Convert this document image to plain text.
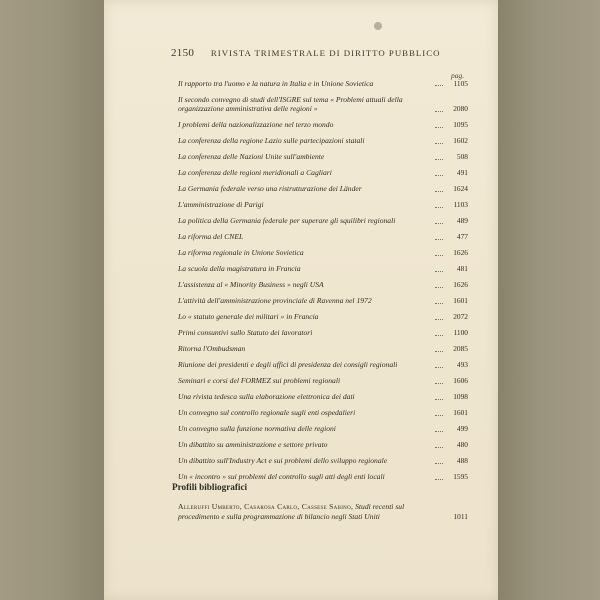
2150 RIVISTA TRIMESTRALE DI DIRITTO PUBBLICO
pag.
Il rapporto tra l'uomo e la natura in Italia e in Unione Sovietica	1105
Il secondo convegno di studi dell'ISGRE sul tema « Problemi attuali della organizzazione amministrativa delle regioni »	2080
I problemi della nazionalizzazione nel terzo mondo	1095
La conferenza della regione Lazio sulle partecipazioni statali	1602
La conferenza delle Nazioni Unite sull'ambiente	508
La conferenza delle regioni meridionali a Cagliari	491
La Germania federale verso una ristrutturazione dei Länder	1624
L'amministrazione di Parigi	1103
La politica della Germania federale per superare gli squilibri regionali	489
La riforma del CNEL	477
La riforma regionale in Unione Sovietica	1626
La scuola della magistratura in Francia	481
L'assistenza al « Minority Business » negli USA	1626
L'attività dell'amministrazione provinciale di Ravenna nel 1972	1601
Lo « statuto generale dei militari » in Francia	2072
Primi consuntivi sullo Statuto dei lavoratori	1100
Ritorna l'Ombudsman	2085
Riunione dei presidenti e degli uffici di presidenza dei consigli regionali	493
Seminari e corsi del FORMEZ sui problemi regionali	1606
Una rivista tedesca sulla elaborazione elettronica dei dati	1098
Un convegno sul controllo regionale sugli enti ospedalieri	1601
Un convegno sulla funzione normativa delle regioni	499
Un dibattito su amministrazione e settore privato	480
Un dibattito sull'Industry Act e sui problemi dello sviluppo regionale	488
Un « incontro » sui problemi del controllo sugli atti degli enti locali	1595
Profili bibliografici
Alleruffi Umberto, Casarosa Carlo, Cassese Sabino, Studi recenti sul procedimento e sulla programmazione di bilancio negli Stati Uniti	1011
